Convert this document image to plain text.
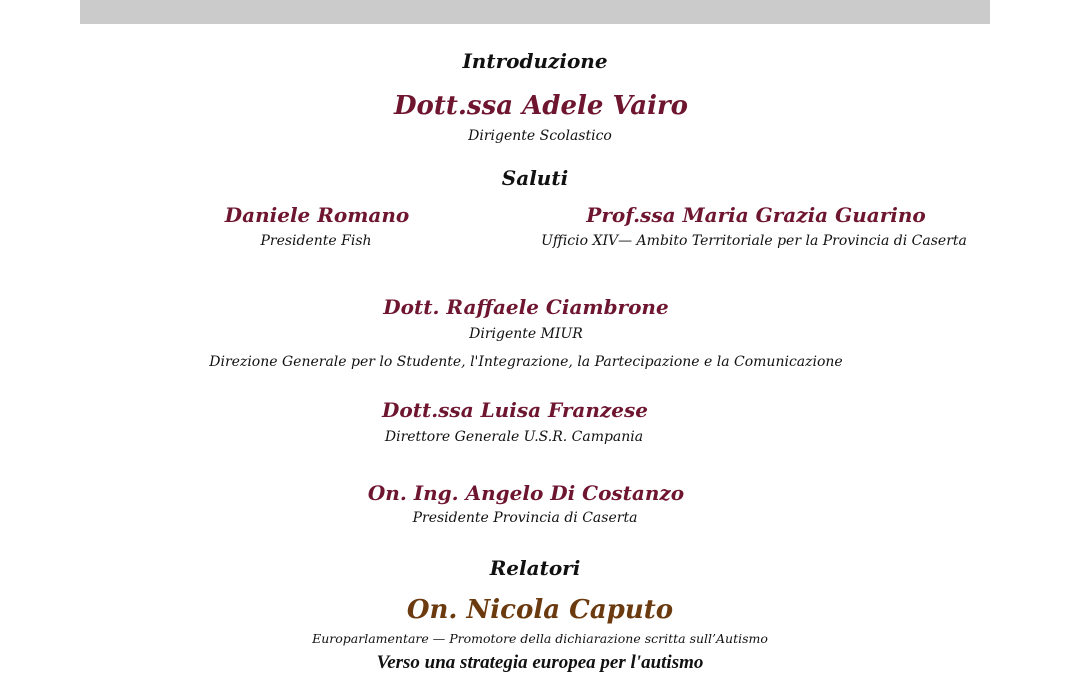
Introduzione
Dott.ssa Adele Vairo
Dirigente Scolastico
Saluti
Daniele Romano
Presidente Fish
Prof.ssa Maria Grazia Guarino
Ufficio XIV— Ambito Territoriale per la Provincia di Caserta
Dott. Raffaele Ciambrone
Dirigente MIUR
Direzione Generale per lo Studente, l'Integrazione, la Partecipazione e la Comunicazione
Dott.ssa Luisa Franzese
Direttore Generale U.S.R. Campania
On. Ing. Angelo Di Costanzo
Presidente Provincia di Caserta
Relatori
On. Nicola Caputo
Europarlamentare — Promotore della dichiarazione scritta sull’Autismo
Verso una strategia europea per l'autismo
